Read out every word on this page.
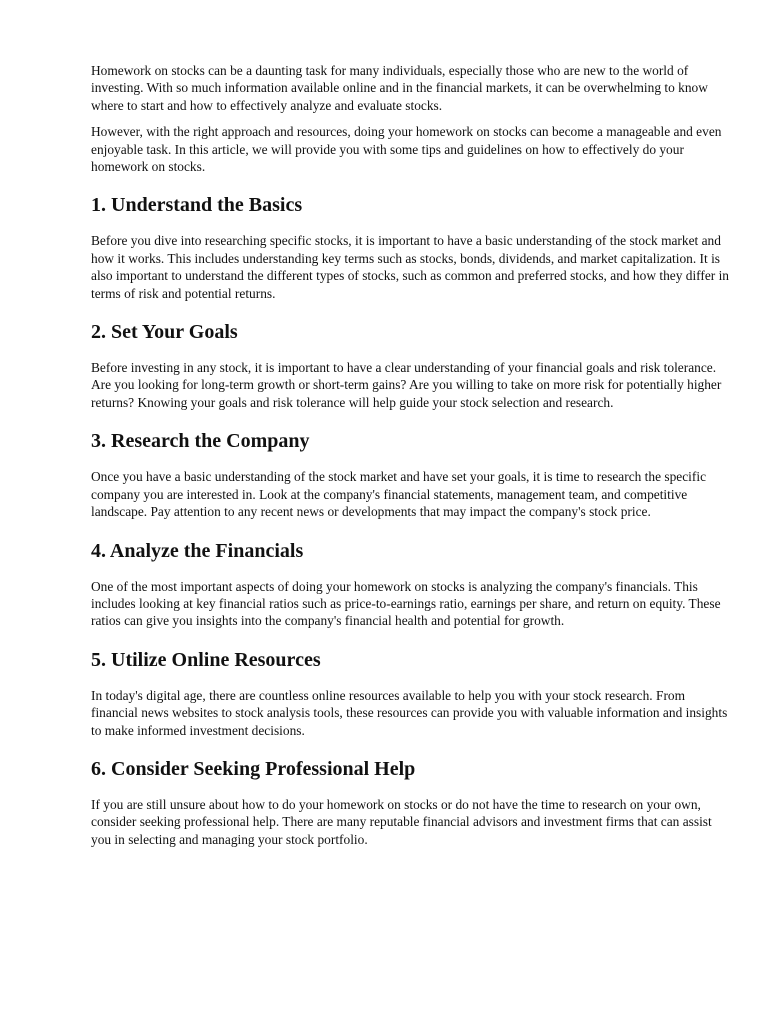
Homework on stocks can be a daunting task for many individuals, especially those who are new to the world of investing. With so much information available online and in the financial markets, it can be overwhelming to know where to start and how to effectively analyze and evaluate stocks.

However, with the right approach and resources, doing your homework on stocks can become a manageable and even enjoyable task. In this article, we will provide you with some tips and guidelines on how to effectively do your homework on stocks.

1. Understand the Basics

Before you dive into researching specific stocks, it is important to have a basic understanding of the stock market and how it works. This includes understanding key terms such as stocks, bonds, dividends, and market capitalization. It is also important to understand the different types of stocks, such as common and preferred stocks, and how they differ in terms of risk and potential returns.

2. Set Your Goals

Before investing in any stock, it is important to have a clear understanding of your financial goals and risk tolerance. Are you looking for long-term growth or short-term gains? Are you willing to take on more risk for potentially higher returns? Knowing your goals and risk tolerance will help guide your stock selection and research.

3. Research the Company

Once you have a basic understanding of the stock market and have set your goals, it is time to research the specific company you are interested in. Look at the company's financial statements, management team, and competitive landscape. Pay attention to any recent news or developments that may impact the company's stock price.

4. Analyze the Financials

One of the most important aspects of doing your homework on stocks is analyzing the company's financials. This includes looking at key financial ratios such as price-to-earnings ratio, earnings per share, and return on equity. These ratios can give you insights into the company's financial health and potential for growth.

5. Utilize Online Resources

In today's digital age, there are countless online resources available to help you with your stock research. From financial news websites to stock analysis tools, these resources can provide you with valuable information and insights to make informed investment decisions.

6. Consider Seeking Professional Help

If you are still unsure about how to do your homework on stocks or do not have the time to research on your own, consider seeking professional help. There are many reputable financial advisors and investment firms that can assist you in selecting and managing your stock portfolio.
